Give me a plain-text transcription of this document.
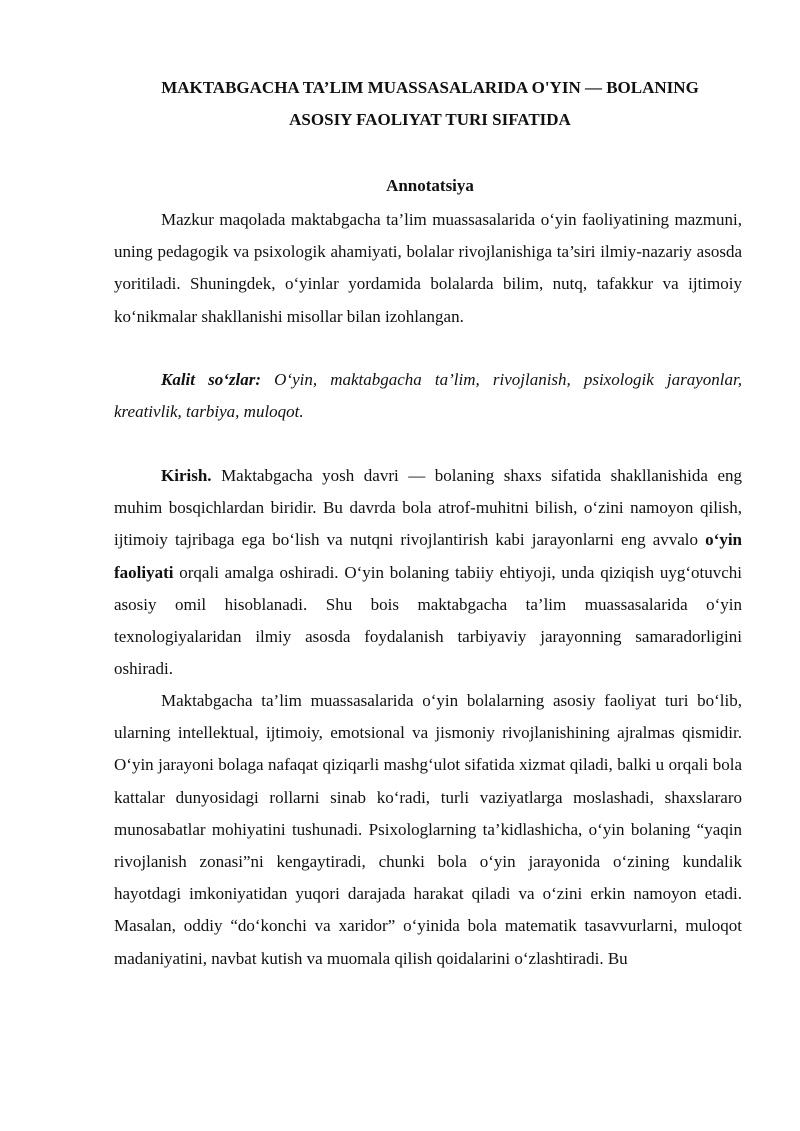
MAKTABGACHA TA’LIM MUASSASALARIDA O'YIN — BOLANING
ASOSIY FAOLIYAT TURI SIFATIDA
Annotatsiya

Mazkur maqolada maktabgacha ta’lim muassasalarida o‘yin faoliyatining mazmuni, uning pedagogik va psixologik ahamiyati, bolalar rivojlanishiga ta’siri ilmiy-nazariy asosda yoritiladi. Shuningdek, o‘yinlar yordamida bolalarda bilim, nutq, tafakkur va ijtimoiy ko‘nikmalar shakllanishi misollar bilan izohlangan.

Kalit so‘zlar: O‘yin, maktabgacha ta’lim, rivojlanish, psixologik jarayonlar, kreativlik, tarbiya, muloqot.

Kirish. Maktabgacha yosh davri — bolaning shaxs sifatida shakllanishida eng muhim bosqichlardan biridir. Bu davrda bola atrof-muhitni bilish, o‘zini namoyon qilish, ijtimoiy tajribaga ega bo‘lish va nutqni rivojlantirish kabi jarayonlarni eng avvalo o‘yin faoliyati orqali amalga oshiradi. O‘yin bolaning tabiiy ehtiyoji, unda qiziqish uyg‘otuvchi asosiy omil hisoblanadi. Shu bois maktabgacha ta’lim muassasalarida o‘yin texnologiyalaridan ilmiy asosda foydalanish tarbiyaviy jarayonning samaradorligini oshiradi.

Maktabgacha ta’lim muassasalarida o‘yin bolalarning asosiy faoliyat turi bo‘lib, ularning intellektual, ijtimoiy, emotsional va jismoniy rivojlanishining ajralmas qismidir. O‘yin jarayoni bolaga nafaqat qiziqarli mashg‘ulot sifatida xizmat qiladi, balki u orqali bola kattalar dunyosidagi rollarni sinab ko‘radi, turli vaziyatlarga moslashadi, shaxslararo munosabatlar mohiyatini tushunadi. Psixologlarning ta’kidlashicha, o‘yin bolaning “yaqin rivojlanish zonasi”ni kengaytiradi, chunki bola o‘yin jarayonida o‘zining kundalik hayotdagi imkoniyatidan yuqori darajada harakat qiladi va o‘zini erkin namoyon etadi. Masalan, oddiy “do‘konchi va xaridor” o‘yinida bola matematik tasavvurlarni, muloqot madaniyatini, navbat kutish va muomala qilish qoidalarini o‘zlashtiradi. Bu
